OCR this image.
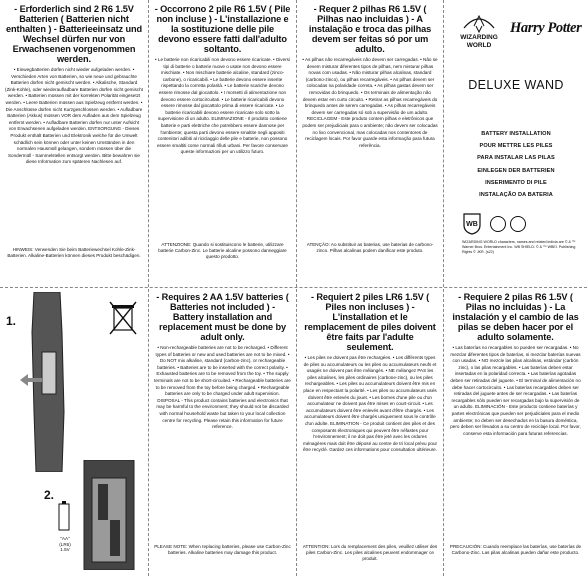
- Erforderlich sind 2 R6 1.5V Batterien ( Batterien nicht enthalten ) - Batterieeinsatz und Wechsel dürfen nur von Erwachsenen vorgenommen werden.

• Einwegbatterien dürfen nicht wieder aufgeladen werden. • Verschieden Arten von Batterien, so wie neue und gebrauchte Batterien dürfen nicht gemischt werden. • Alkalische, Standard (Zink-Kohle), oder wiederaufladbare Batterien dürfen nicht gemischt werden. • Batterien müssen mit der korrekten Polarität eingesetzt werden. • Leere Batterien müssen aus Spielzeug entfernt werden. • Die Anschlüsse dürfen nicht Kurzgeschlossen werden. • Aufladbare Batterien (Akkus) müssen VOR dem Aufladen aus dem Spielzeug entfernt werden. • Aufladbare Batterien dürfen nur unter Aufsicht von Erwachsenen aufgeladen werden. ENTSORGUNG - Dieses Produkt enthält Batterien und Elektronik welche für die Umwelt schädlich sein können oder unter keinen Umständen in den normalen Hausmüll gelangen, sondern müssen über die Sondermüll - Sammelstellen entsorgt werden. Bitte bewahren sie diese Information zum späteren Nachlesen auf.

HINWEIS: Verwenden Sie beim Batteriewechsel Kohle-Zink-Batterien. Alkaline-Batterien können dieses Produkt beschädigen.

- Occorrono 2 pile R6 1.5V ( Pile non incluse ) - L'installazione e la sostituzione delle pile devono essere fatti dall'adulto soltanto.

• Le batterie non ricaricabili non devono essere ricaricate. • Diversi tipi di batterie o batterie nuove o usate non devono essere mischiate. • Non mischiare batterie alcaline, standard (zinco-carbone), o ricaricabili. • Le batterie devono essere inserite rispettando la corretta polarità. • Le batterie scariche devono essere rimosse dal giocattolo. • I morsetti di alimentazione non devono essere cortocircuitati. • Le batterie ricaricabili devono essere rimosse dal giocattolo prima di essere ricaricate. • Le batterie ricaricabili devono essere ricaricate solo sotto la supervisione di un adulto. ELIMINAZIONE - Il prodotto contiene batterie e parti elettriche che potrebbero essere dannose per l'ambiente; questa parti devono essere smaltite negli appositi contenitori adibiti al riciclaggio delle pile e batterie, non possono essere smaltiti come normali rifiuti urbani. Per favore conservare queste informazioni per un utilizzo futuro.

ATTENZIONE: Quando si sostituiscono le batterie, utilizzare batterie Carbon-Zinc. Le batterie alcaline possono danneggiare questo prodotto.

- Requer 2 pilhas R6 1.5V ( Pilhas nao incluidas ) - A instalação e troca das pilhas devem ser feitas só por um adulto.

• As pilhas não recarregáveis não devem ser carregadas. • Não se devem misturar diferentes tipos de pilhas, nem misturar pilhas novas com usadas. • Não misturar pilhas alcalinas, standard (carbono-zinco), ou pilhas recarregáveis. • As pilhas devem ser colocadas na polaridade correta. • As pilhas gastas devem ser removidas do brinquedo. • Os terminais de alimentação não devem estar em curto circuito. • Retirar as pilhas recarregáveis do brinquedo antes de serem carregadas. • As pilhas recarregáveis devem ser carregadas só sob a supervisão de um adulto. RECICLAGEM - Este produto contem pilhas e eletrônicos que podem ser prejudiciais para o ambiente; não devem ser colocadas no lixo convencional, mas colocadas nos contentores de reciclagem locais. Por favor guarde esta informação para futura referência.

ATENÇÃO: Ao substituir as baterias, use baterias de carbono-zinco. Pilhas alcalinas podem danificar este produto.

WIZARDING
WORLD
Harry Potter
DELUXE WAND
BATTERY INSTALLATION
POUR METTRE LES PILES
PARA INSTALAR LAS PILAS
EINLEGEN DER BATTERIEN
INSERIMENTO DI PILE
INSTALAÇÃO DA BATERIA
WB
WIZARDING WORLD characters, names and related indicia are © & ™ Warner Bros. Entertainment Inc. WB SHIELD: © & ™ WBEI. Publishing Rights © JKR. (s22)
1.
2.
"AA"
(LR6)
1.5V

- Requires 2 AA 1.5V batteries ( Batteries not included ) - Battery installation and replacement must be done by adult only.

• Non-rechargeable batteries are not to be recharged. • Different types of batteries or new and used batteries are not to be mixed. • Do NOT mix alkaline, standard (carbon-zinc), or rechargeable batteries. • Batteries are to be inserted with the correct polarity. • Exhausted batteries are to be removed from the toy. • The supply terminals are not to be short-circuited. • Rechargeable batteries are to be removed from the toy before being charged. • Rechargeable batteries are only to be charged under adult supervision. DISPOSAL - This product contains batteries and electronics that may be harmful to the environment; they should not be discarded with normal household waste but taken to your local collection centre for recycling. Please retain this information for future reference.

PLEASE NOTE: When replacing batteries, please use Carbon-Zinc batteries. Alkaline batteries may damage this product.

- Requiert 2 piles LR6 1.5V ( Piles non incluses ) - L'installation et le remplacement de piles doivent être faits par l'adulte seulement.

• Les piles ne doivent pas être rechargées. • Les différents types de piles ou accumulateurs ou les piles ou accumulateurs neufs et usagés ne doivent pas être mélangés. • NE mélangez PAS les piles alcalines, les piles ordinaires (carbone-zinc), ou les piles rechargeables. • Les piles ou accumulateurs doivent être mis en place en respectant la polarité. • Les piles ou accumulateurs usés doivent être enlevés du jouet. • Les bornes d'une pile ou d'un accumulateur ne doivent pas être mises en court-circuit. • Les accumulateurs doivent être enlevés avant d'être chargés. • Les accumulateurs doivent être chargés uniquement sous le contrôle d'un adulte. ELIMINATION - Ce produit contient des piles et des composants électroniques qui peuvent être néfastes pour l'environnement; il ne doit pas être jeté avec les ordures ménagères mais doit être déposé au centre de tri local prévu pour être recyclé. Gardez ces informations pour consultation ultérieure.

ATTENTION: Lors du remplacement des piles, veuillez utiliser des piles Carbon-Zinc. Les piles alcalines peuvent endommager ce produit.

- Requiere 2 pilas R6 1.5V ( Pilas no incluidas ) - La instalación y el cambio de las pilas se deben hacer por el adulto solamente.

• Las baterías no recargables no pueden ser recargadas. • No mezclar diferentes tipos de baterías, ni mezclar baterías nuevas con usadas. • NO mezcle las pilas alcalinas, estándar (carbón zinc), o las pilas recargables. • Las baterías deben estar insertadas en la polaridad correcta. • Las baterías agotadas deben ser retiradas del juguete. • El terminal de alimentación no debe hacer cortocircuito. • Las baterías recargables deben ser retiradas del juguete antes de ser recargadas. • Las baterías recargables sólo pueden ser recargadas bajo la supervisión de un adulto. ELIMINACIÓN - Este producto contiene baterías y partes electrónicas que pueden ser perjudiciales para el medio ambiente; no deben ser desechados en la basura doméstica, pero deben ser llevados a su centro de reciclaje local. Por favor, conserve esta información para futuras referencias.

PRECAUCIÓN: Cuando reemplace las baterías, use baterías de Carbono-Zinc. Las pilas alcalinas pueden dañar este producto.
